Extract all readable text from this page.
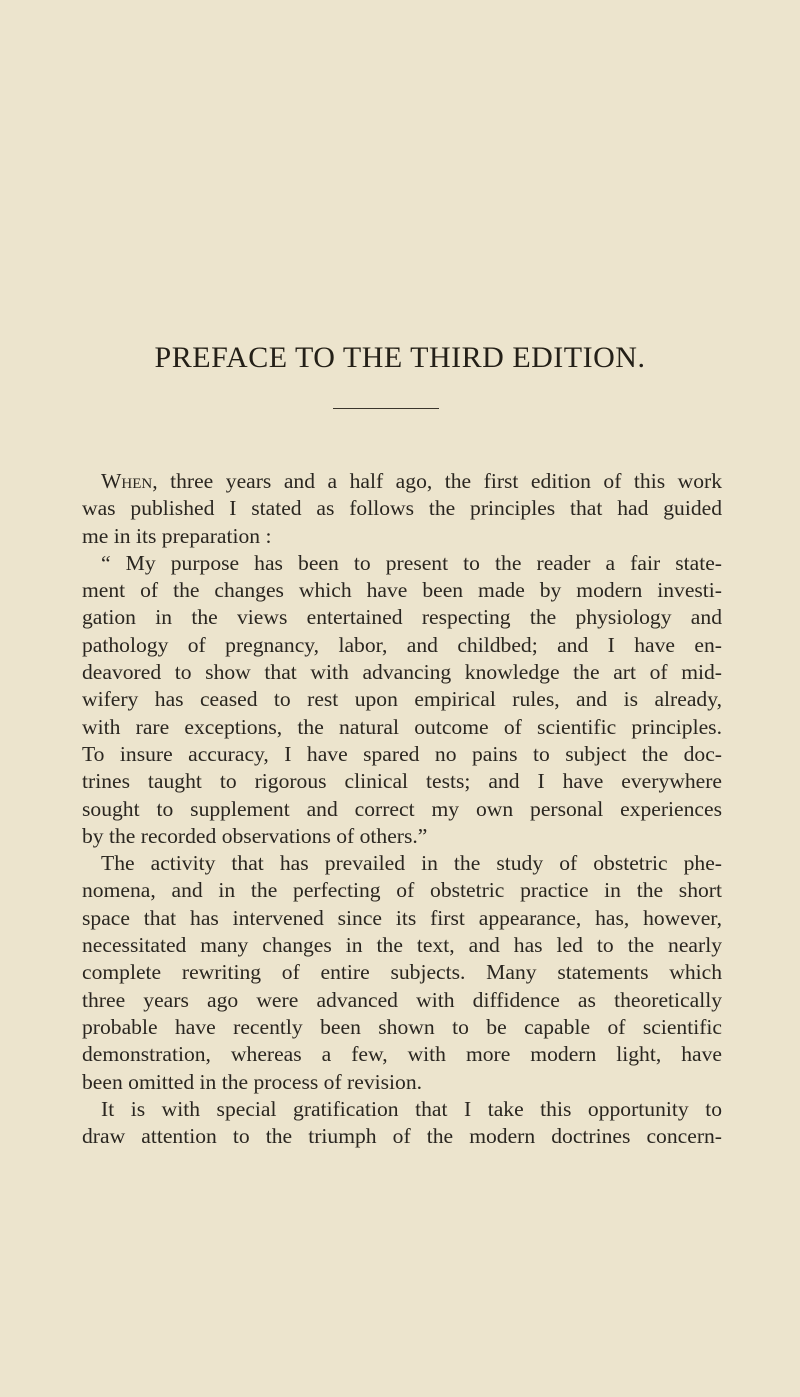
PREFACE TO THE THIRD EDITION.
When, three years and a half ago, the first edition of this work
was published I stated as follows the principles that had guided
me in its preparation :
“ My purpose has been to present to the reader a fair state-
ment of the changes which have been made by modern investi-
gation in the views entertained respecting the physiology and
pathology of pregnancy, labor, and childbed; and I have en-
deavored to show that with advancing knowledge the art of mid-
wifery has ceased to rest upon empirical rules, and is already,
with rare exceptions, the natural outcome of scientific principles.
To insure accuracy, I have spared no pains to subject the doc-
trines taught to rigorous clinical tests; and I have everywhere
sought to supplement and correct my own personal experiences
by the recorded observations of others.”
The activity that has prevailed in the study of obstetric phe-
nomena, and in the perfecting of obstetric practice in the short
space that has intervened since its first appearance, has, however,
necessitated many changes in the text, and has led to the nearly
complete rewriting of entire subjects. Many statements which
three years ago were advanced with diffidence as theoretically
probable have recently been shown to be capable of scientific
demonstration, whereas a few, with more modern light, have
been omitted in the process of revision.
It is with special gratification that I take this opportunity to
draw attention to the triumph of the modern doctrines concern-
